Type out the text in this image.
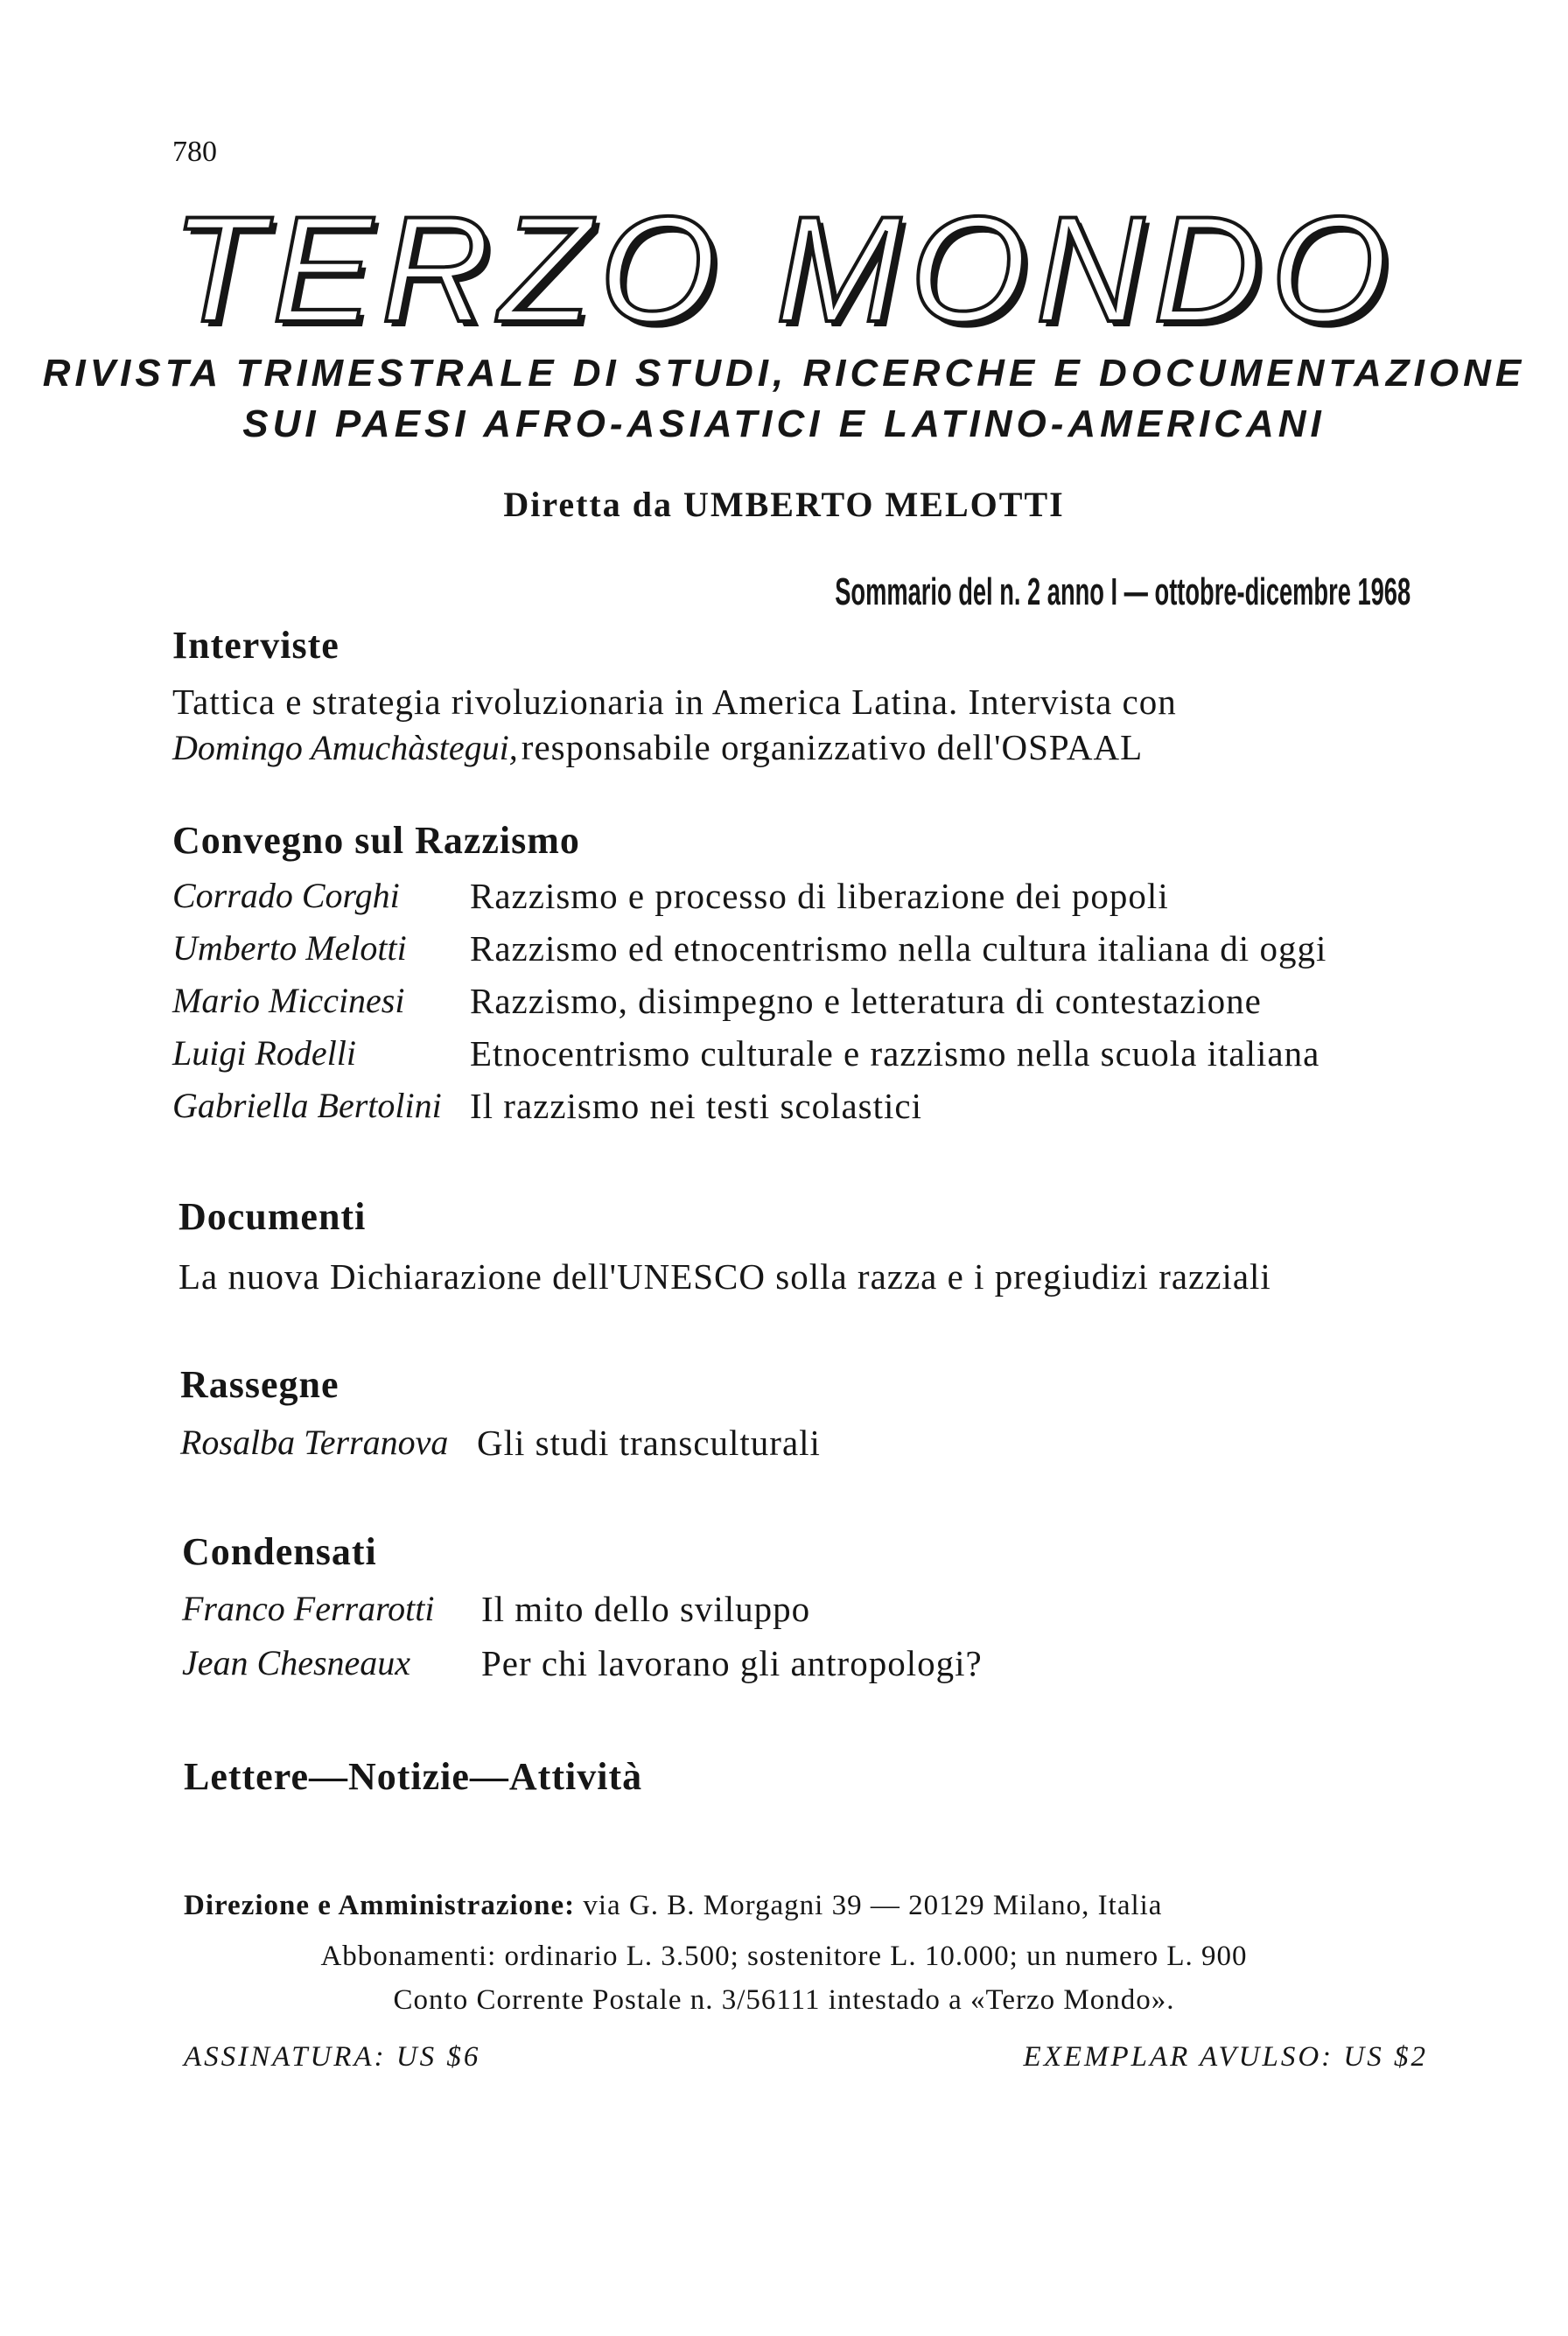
780
TERZO MONDO
RIVISTA TRIMESTRALE DI STUDI, RICERCHE E DOCUMENTAZIONE
SUI PAESI AFRO-ASIATICI E LATINO-AMERICANI
Diretta da UMBERTO MELOTTI
Sommario del n. 2 anno I — ottobre-dicembre 1968
Interviste
Tattica e strategia rivoluzionaria in America Latina. Intervista con
Domingo Amuchàstegui, responsabile organizzativo dell'OSPAAL
Convegno sul Razzismo
Corrado Corghi Razzismo e processo di liberazione dei popoli
Umberto Melotti Razzismo ed etnocentrismo nella cultura italiana di oggi
Mario Miccinesi Razzismo, disimpegno e letteratura di contestazione
Luigi Rodelli	Etnocentrismo culturale e razzismo nella scuola italiana
Gabriella Bertolini Il razzismo nei testi scolastici
Documenti
La nuova Dichiarazione dell'UNESCO solla razza e i pregiudizi razziali
Rassegne
Rosalba Terranova Gli studi transculturali
Condensati
Franco Ferrarotti Il mito dello sviluppo
Jean Chesneaux Per chi lavorano gli antropologi?
Lettere—Notizie—Attività
Direzione e Amministrazione: via G. B. Morgagni 39 — 20129 Milano, Italia
Abbonamenti: ordinario L. 3.500; sostenitore L. 10.000; un numero L. 900
Conto Corrente Postale n. 3/56111 intestado a «Terzo Mondo».
ASSINATURA: US $6	EXEMPLAR AVULSO: US $2
